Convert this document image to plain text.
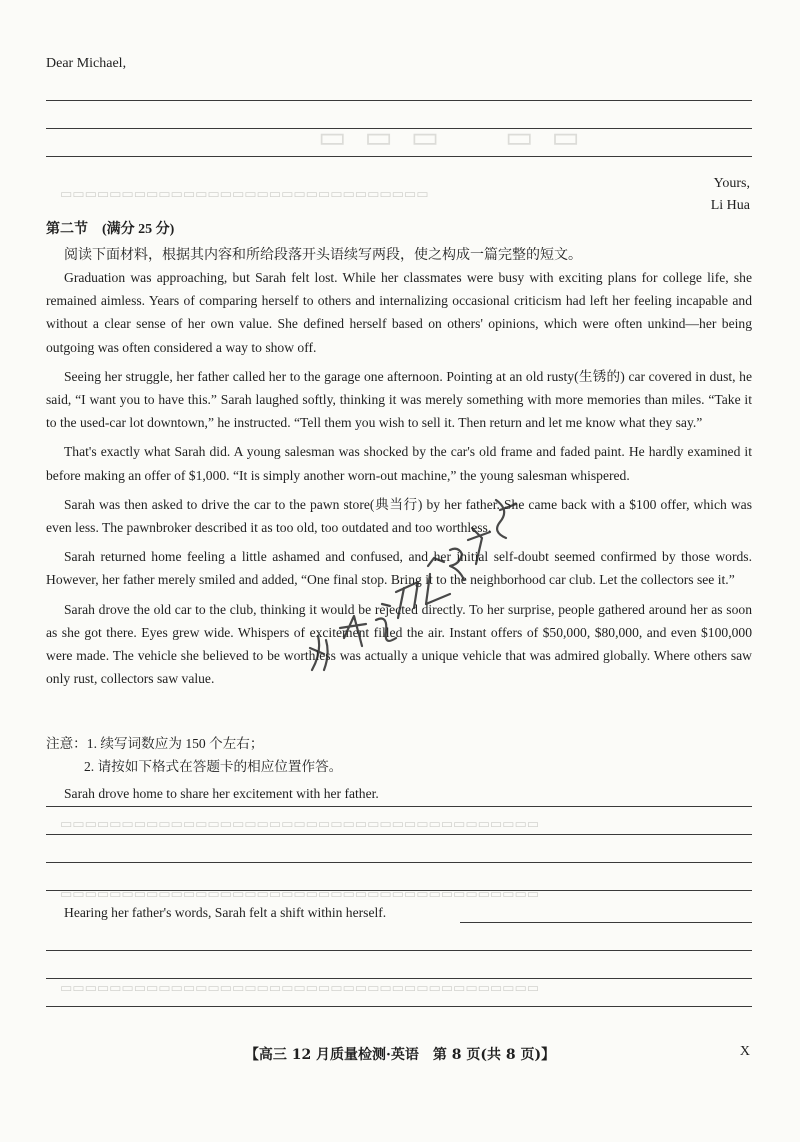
▭▭▭　▭▭
▭▭▭▭▭▭▭▭▭▭▭▭▭▭▭▭▭▭▭▭▭▭▭▭▭▭▭▭▭▭
▭▭▭▭▭▭▭▭▭▭▭▭▭▭▭▭▭▭▭▭▭▭▭▭▭▭▭▭▭▭▭▭▭▭▭▭▭▭▭
▭▭▭▭▭▭▭▭▭▭▭▭▭▭▭▭▭▭▭▭▭▭▭▭▭▭▭▭▭▭▭▭▭▭▭▭▭▭▭
▭▭▭▭▭▭▭▭▭▭▭▭▭▭▭▭▭▭▭▭▭▭▭▭▭▭▭▭▭▭▭▭▭▭▭▭▭▭▭
Dear Michael,
Yours,
Li Hua
第二节　(满分 25 分)
阅读下面材料，根据其内容和所给段落开头语续写两段，使之构成一篇完整的短文。

Graduation was approaching, but Sarah felt lost. While her classmates were busy with exciting plans for college life, she remained aimless. Years of comparing herself to others and internalizing occasional criticism had left her feeling incapable and without a clear sense of her own value. She defined herself based on others' opinions, which were often unkind—her being outgoing was often considered a way to show off.

Seeing her struggle, her father called her to the garage one afternoon. Pointing at an old rusty(生锈的) car covered in dust, he said, “I want you to have this.” Sarah laughed softly, thinking it was merely something with more memories than miles. “Take it to the used-car lot downtown,” he instructed. “Tell them you wish to sell it. Then return and let me know what they say.”

That's exactly what Sarah did. A young salesman was shocked by the car's old frame and faded paint. He hardly examined it before making an offer of $1,000. “It is simply another worn-out machine,” the young salesman whispered.

Sarah was then asked to drive the car to the pawn store(典当行) by her father. She came back with a $100 offer, which was even less. The pawnbroker described it as too old, too outdated and too worthless.

Sarah returned home feeling a little ashamed and confused, and her initial self-doubt seemed confirmed by those words. However, her father merely smiled and added, “One final stop. Bring it to the neighborhood car club. Let the collectors see it.”

Sarah drove the old car to the club, thinking it would be rejected directly. To her surprise, people gathered around her as soon as she got there. Eyes grew wide. Whispers of excitement filled the air. Instant offers of $50,000, $80,000, and even $100,000 were made. The vehicle she believed to be worthless was actually a unique vehicle that was admired globally. Where others saw only rust, collectors saw value.

注意：1. 续写词数应为 150 个左右；
2. 请按如下格式在答题卡的相应位置作答。
Sarah drove home to share her excitement with her father.
Hearing her father's words, Sarah felt a shift within herself.
【高三 12 月质量检测·英语　第 8 页(共 8 页)】	X
